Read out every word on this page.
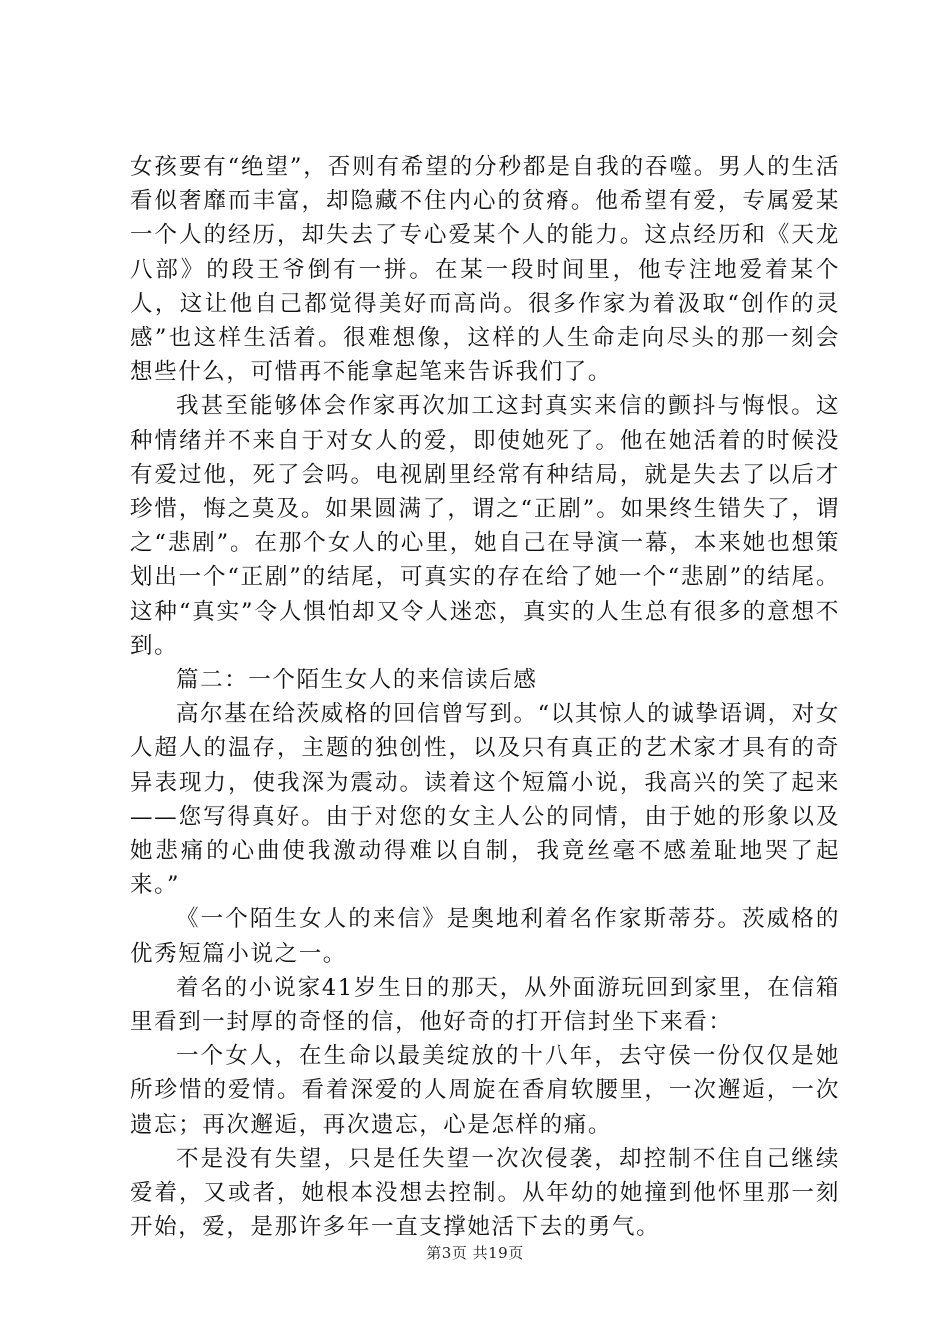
女孩要有“绝望”，否则有希望的分秒都是自我的吞噬。男人的生活看似奢靡而丰富，却隐藏不住内心的贫瘠。他希望有爱，专属爱某一个人的经历，却失去了专心爱某个人的能力。这点经历和《天龙八部》的段王爷倒有一拼。在某一段时间里，他专注地爱着某个人，这让他自己都觉得美好而高尚。很多作家为着汲取“创作的灵感”也这样生活着。很难想像，这样的人生命走向尽头的那一刻会想些什么，可惜再不能拿起笔来告诉我们了。

我甚至能够体会作家再次加工这封真实来信的颤抖与悔恨。这种情绪并不来自于对女人的爱，即使她死了。他在她活着的时候没有爱过他，死了会吗。电视剧里经常有种结局，就是失去了以后才珍惜，悔之莫及。如果圆满了，谓之“正剧”。如果终生错失了，谓之“悲剧”。在那个女人的心里，她自己在导演一幕，本来她也想策划出一个“正剧”的结尾，可真实的存在给了她一个“悲剧”的结尾。这种“真实”令人惧怕却又令人迷恋，真实的人生总有很多的意想不到。

篇二：一个陌生女人的来信读后感

高尔基在给茨威格的回信曾写到。“以其惊人的诚挚语调，对女人超人的温存，主题的独创性，以及只有真正的艺术家才具有的奇异表现力，使我深为震动。读着这个短篇小说，我高兴的笑了起来——您写得真好。由于对您的女主人公的同情，由于她的形象以及她悲痛的心曲使我激动得难以自制，我竟丝毫不感羞耻地哭了起来。”

《一个陌生女人的来信》是奥地利着名作家斯蒂芬。茨威格的优秀短篇小说之一。

着名的小说家41岁生日的那天，从外面游玩回到家里，在信箱里看到一封厚的奇怪的信，他好奇的打开信封坐下来看：

一个女人，在生命以最美绽放的十八年，去守侯一份仅仅是她所珍惜的爱情。看着深爱的人周旋在香肩软腰里，一次邂逅，一次遗忘；再次邂逅，再次遗忘，心是怎样的痛。

不是没有失望，只是任失望一次次侵袭，却控制不住自己继续爱着，又或者，她根本没想去控制。从年幼的她撞到他怀里那一刻开始，爱，是那许多年一直支撑她活下去的勇气。

第3页 共19页
